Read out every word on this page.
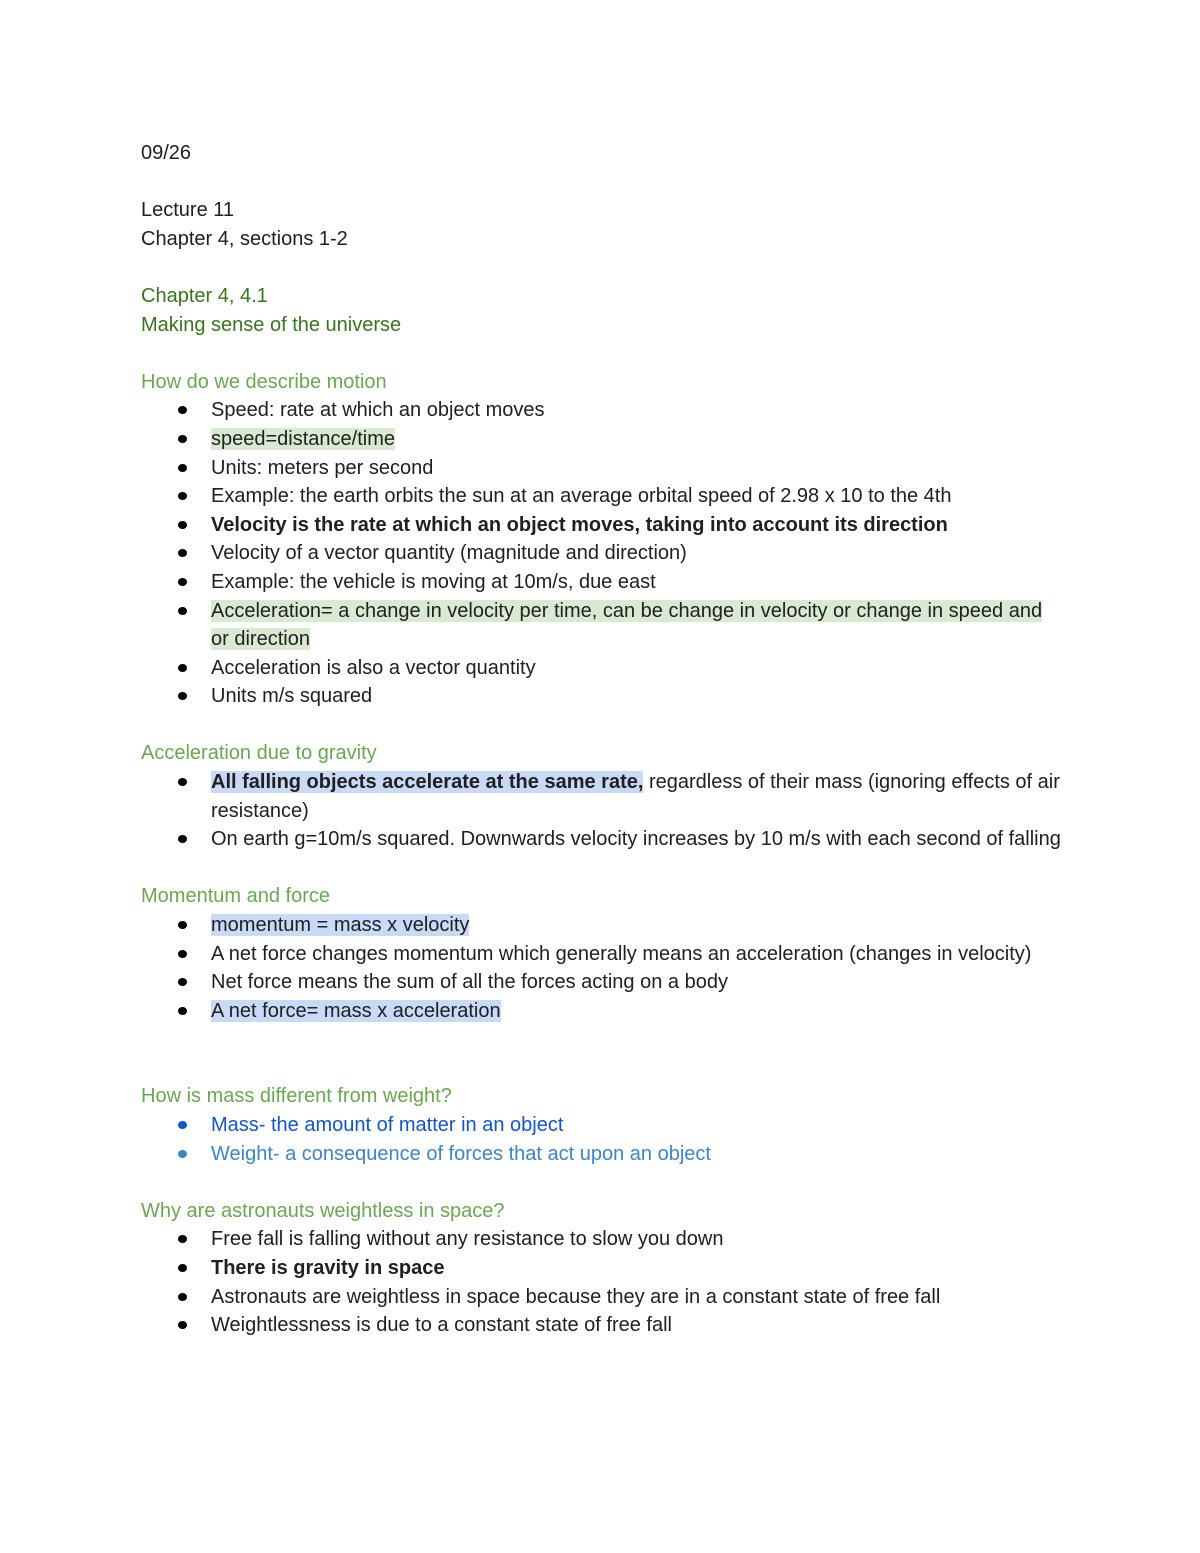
09/26
Lecture 11
Chapter 4, sections 1-2
Chapter 4, 4.1
Making sense of the universe
How do we describe motion
Speed: rate at which an object moves
speed=distance/time
Units: meters per second
Example: the earth orbits the sun at an average orbital speed of 2.98 x 10 to the 4th
Velocity is the rate at which an object moves, taking into account its direction
Velocity of a vector quantity (magnitude and direction)
Example: the vehicle is moving at 10m/s, due east
Acceleration= a change in velocity per time, can be change in velocity or change in speed and or direction
Acceleration is also a vector quantity
Units m/s squared
Acceleration due to gravity
All falling objects accelerate at the same rate, regardless of their mass (ignoring effects of air resistance)
On earth g=10m/s squared. Downwards velocity increases by 10 m/s with each second of falling
Momentum and force
momentum = mass x velocity
A net force changes momentum which generally means an acceleration (changes in velocity)
Net force means the sum of all the forces acting on a body
A net force= mass x acceleration
How is mass different from weight?
Mass- the amount of matter in an object
Weight- a consequence of forces that act upon an object
Why are astronauts weightless in space?
Free fall is falling without any resistance to slow you down
There is gravity in space
Astronauts are weightless in space because they are in a constant state of free fall
Weightlessness is due to a constant state of free fall
